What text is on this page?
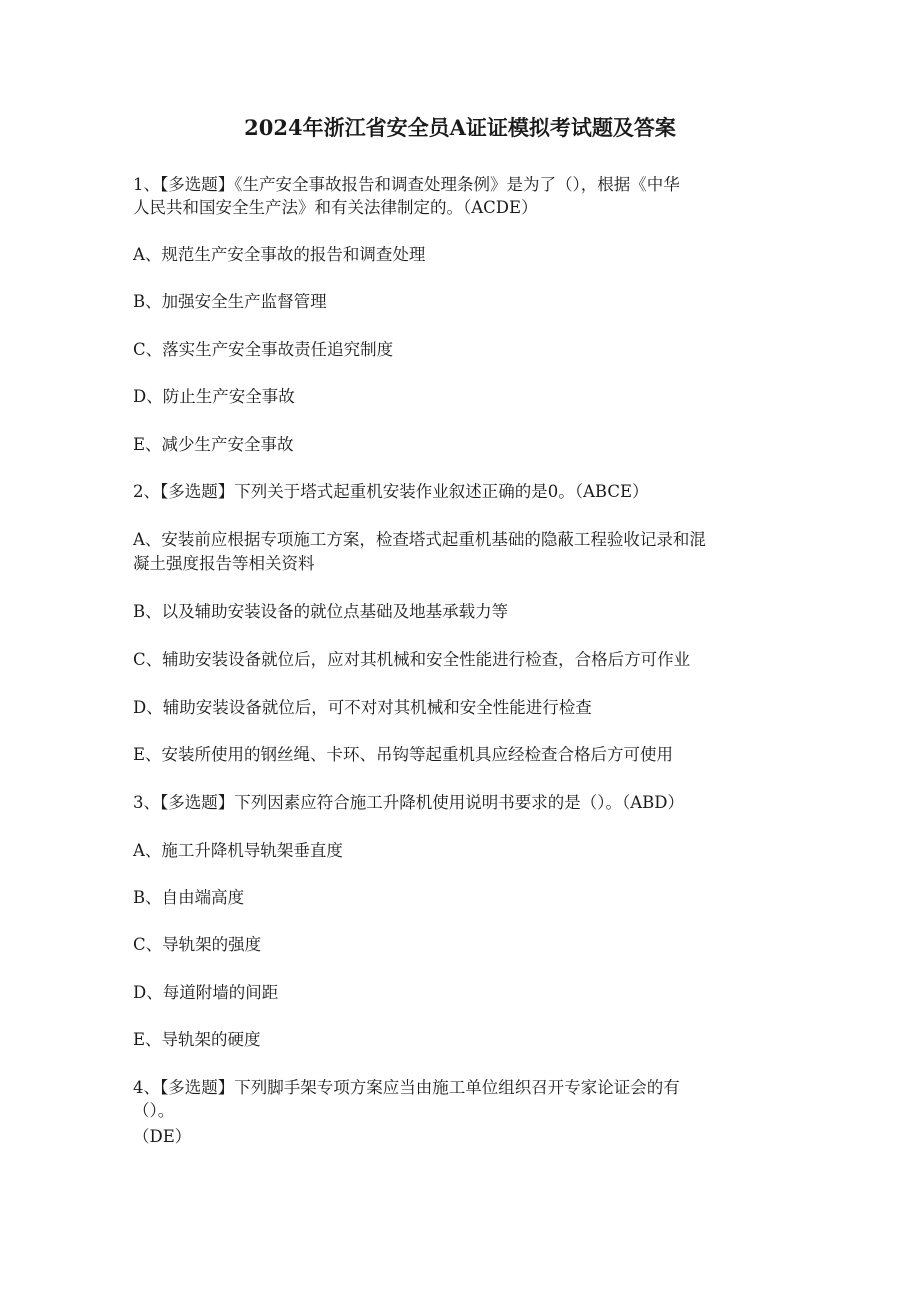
2024年浙江省安全员A证证模拟考试题及答案
1、【多选题】《生产安全事故报告和调查处理条例》是为了（），根据《中华
人民共和国安全生产法》和有关法律制定的。（ACDE）
A、规范生产安全事故的报告和调查处理
B、加强安全生产监督管理
C、落实生产安全事故责任追究制度
D、防止生产安全事故
E、减少生产安全事故
2、【多选题】下列关于塔式起重机安装作业叙述正确的是0。（ABCE）
A、安装前应根据专项施工方案，检查塔式起重机基础的隐蔽工程验收记录和混
凝土强度报告等相关资料
B、以及辅助安装设备的就位点基础及地基承载力等
C、辅助安装设备就位后，应对其机械和安全性能进行检查，合格后方可作业
D、辅助安装设备就位后，可不对对其机械和安全性能进行检查
E、安装所使用的钢丝绳、卡环、吊钩等起重机具应经检查合格后方可使用
3、【多选题】下列因素应符合施工升降机使用说明书要求的是（）。（ABD）
A、施工升降机导轨架垂直度
B、自由端高度
C、导轨架的强度
D、每道附墙的间距
E、导轨架的硬度
4、【多选题】下列脚手架专项方案应当由施工单位组织召开专家论证会的有
（）。
（DE）
